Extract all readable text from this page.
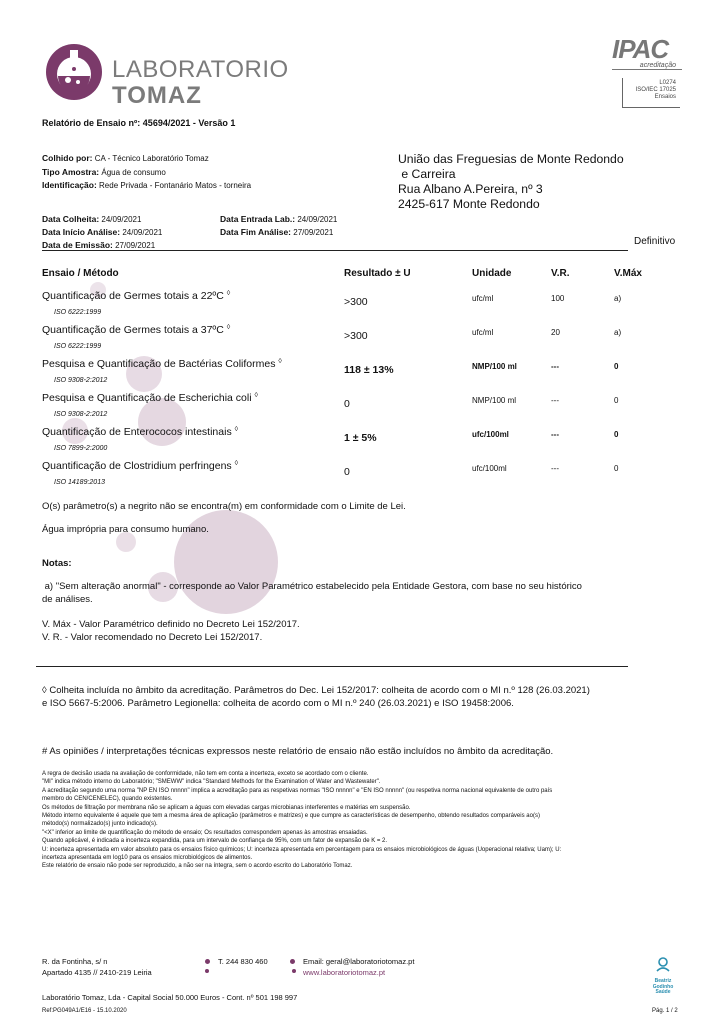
LABORATORIO
TOMAZ
IPAC
acreditação
L0274
ISO/IEC 17025
Ensaios
Relatório de Ensaio nº: 45694/2021 - Versão 1
Colhido por: CA - Técnico Laboratório Tomaz
Tipo Amostra: Água de consumo
Identificação: Rede Privada - Fontanário Matos - torneira
União das Freguesias de Monte Redondo
e Carreira
Rua Albano A.Pereira, nº 3
2425-617 Monte Redondo
Data Colheita: 24/09/2021	Data Entrada Lab.: 24/09/2021
Data Início Análise: 24/09/2021	Data Fim Análise: 27/09/2021
Data de Emissão: 27/09/2021	Definitivo
Ensaio / Método	Resultado ± U	Unidade	V.R.	V.Máx
Quantificação de Germes totais a 22ºC ◊
ISO 6222:1999
>300	ufc/ml	100	a)
Quantificação de Germes totais a 37ºC ◊
ISO 6222:1999
>300	ufc/ml	20	a)
Pesquisa e Quantificação de Bactérias Coliformes ◊
ISO 9308-2:2012
118 ± 13%	NMP/100 ml	---	0
Pesquisa e Quantificação de Escherichia coli ◊
ISO 9308-2:2012
0	NMP/100 ml	---	0
Quantificação de Enterococos intestinais ◊
ISO 7899-2:2000
1 ± 5%	ufc/100ml	---	0
Quantificação de Clostridium perfringens ◊
ISO 14189:2013
0	ufc/100ml	---	0
O(s) parâmetro(s) a negrito não se encontra(m) em conformidade com o Limite de Lei.
Água imprópria para consumo humano.
Notas:
a) "Sem alteração anormal" - corresponde ao Valor Paramétrico estabelecido pela Entidade Gestora, com base no seu histórico
de análises.
V. Máx - Valor Paramétrico definido no Decreto Lei 152/2017.
V. R. - Valor recomendado no Decreto Lei 152/2017.
◊ Colheita incluída no âmbito da acreditação. Parâmetros do Dec. Lei 152/2017: colheita de acordo com o MI n.º 128 (26.03.2021)
e ISO 5667-5:2006. Parâmetro Legionella: colheita de acordo com o MI n.º 240 (26.03.2021) e ISO 19458:2006.
# As opiniões / interpretações técnicas expressos neste relatório de ensaio não estão incluídos no âmbito da acreditação.
A regra de decisão usada na avaliação de conformidade, não tem em conta a incerteza, exceto se acordado com o cliente.
"MI" indica método interno do Laboratório; "SMEWW" indica "Standard Methods for the Examination of Water and Wastewater".
A acreditação segundo uma norma "NP EN ISO nnnnn" implica a acreditação para as respetivas normas "ISO nnnnn" e "EN ISO nnnnn" (ou respetiva norma nacional equivalente de outro país
membro do CEN/CENELEC), quando existentes.
Os métodos de filtração por membrana não se aplicam a águas com elevadas cargas microbianas interferentes e matérias em suspensão.
Método interno equivalente é aquele que tem a mesma área de aplicação (parâmetros e matrizes) e que cumpre as características de desempenho, obtendo resultados comparáveis ao(s)
método(s) normalizado(s) junto indicado(s).
"<X" inferior ao limite de quantificação do método de ensaio; Os resultados correspondem apenas às amostras ensaiadas.
Quando aplicável, é indicada a incerteza expandida, para um intervalo de confiança de 95%, com um fator de expansão de K = 2.
U: incerteza apresentada em valor absoluto para os ensaios físico químicos; U: incerteza apresentada em percentagem para os ensaios microbiológicos de águas (Uoperacional relativa; Uam); U:
incerteza apresentada em log10 para os ensaios microbiológicos de alimentos.
Este relatório de ensaio não pode ser reproduzido, a não ser na íntegra, sem o acordo escrito do Laboratório Tomaz.
R. da Fontinha, s/ n
Apartado 4135 // 2410-219 Leiria
T. 244 830 460	Email: geral@laboratoriotomaz.pt
www.laboratoriotomaz.pt
Beatriz
Godinho
Saúde
Laboratório Tomaz, Lda - Capital Social 50.000 Euros - Cont. nº 501 198 997
Ref:PG049A1/E16 - 15.10.2020	Pág. 1 / 2
